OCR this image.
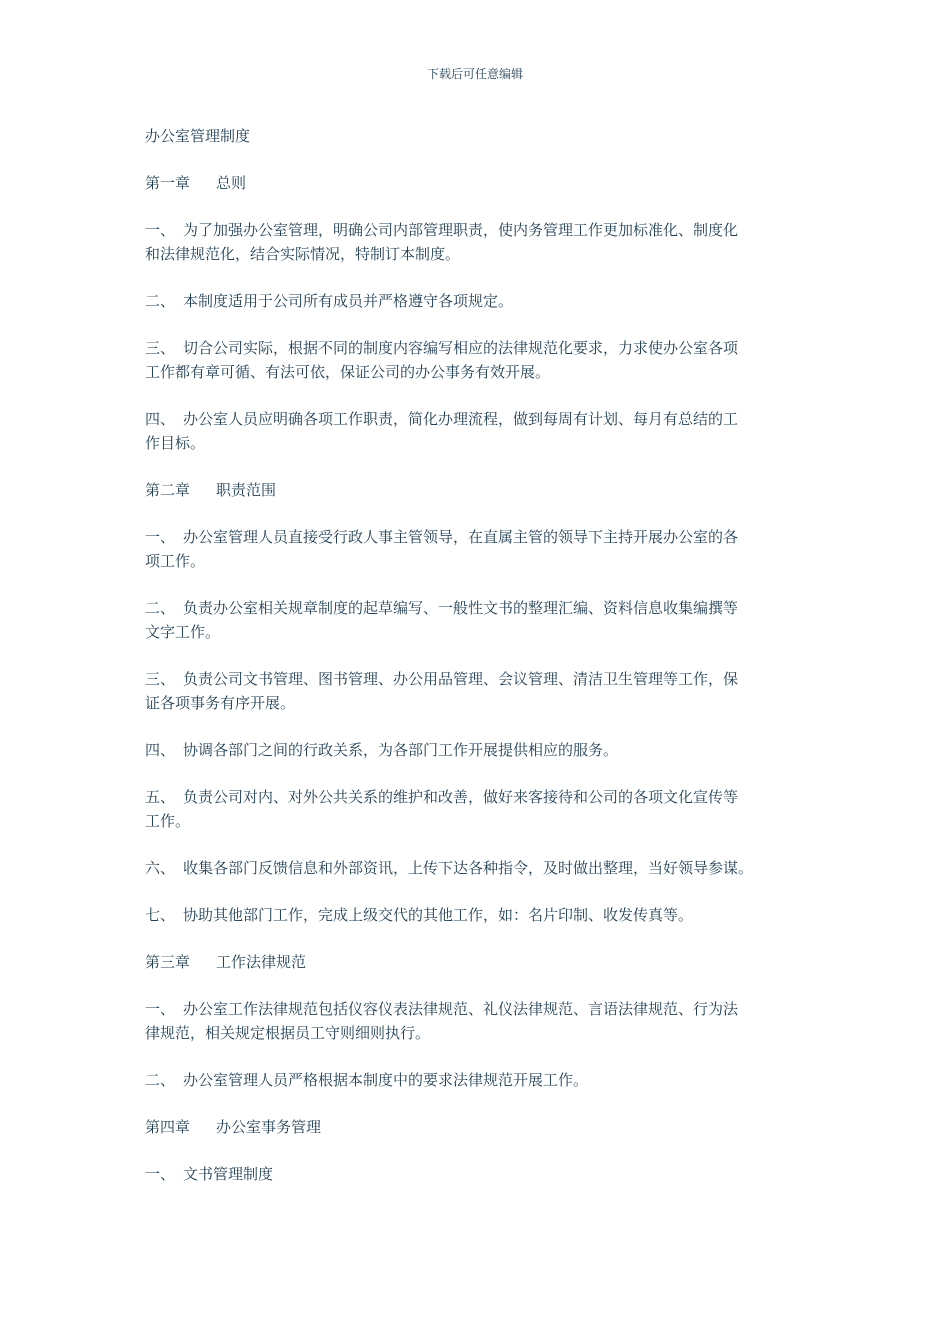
下载后可任意编辑
办公室管理制度
第一章 总则
一、 为了加强办公室管理，明确公司内部管理职责，使内务管理工作更加标准化、制度化
和法律规范化，结合实际情况，特制订本制度。
二、 本制度适用于公司所有成员并严格遵守各项规定。
三、 切合公司实际，根据不同的制度内容编写相应的法律规范化要求，力求使办公室各项
工作都有章可循、有法可依，保证公司的办公事务有效开展。
四、 办公室人员应明确各项工作职责，简化办理流程，做到每周有计划、每月有总结的工
作目标。
第二章 职责范围
一、 办公室管理人员直接受行政人事主管领导，在直属主管的领导下主持开展办公室的各
项工作。
二、 负责办公室相关规章制度的起草编写、一般性文书的整理汇编、资料信息收集编撰等
文字工作。
三、 负责公司文书管理、图书管理、办公用品管理、会议管理、清洁卫生管理等工作，保
证各项事务有序开展。
四、 协调各部门之间的行政关系，为各部门工作开展提供相应的服务。
五、 负责公司对内、对外公共关系的维护和改善，做好来客接待和公司的各项文化宣传等
工作。
六、 收集各部门反馈信息和外部资讯，上传下达各种指令，及时做出整理，当好领导参谋。
七、 协助其他部门工作，完成上级交代的其他工作，如：名片印制、收发传真等。
第三章 工作法律规范
一、 办公室工作法律规范包括仪容仪表法律规范、礼仪法律规范、言语法律规范、行为法
律规范，相关规定根据员工守则细则执行。
二、 办公室管理人员严格根据本制度中的要求法律规范开展工作。
第四章 办公室事务管理
一、 文书管理制度
